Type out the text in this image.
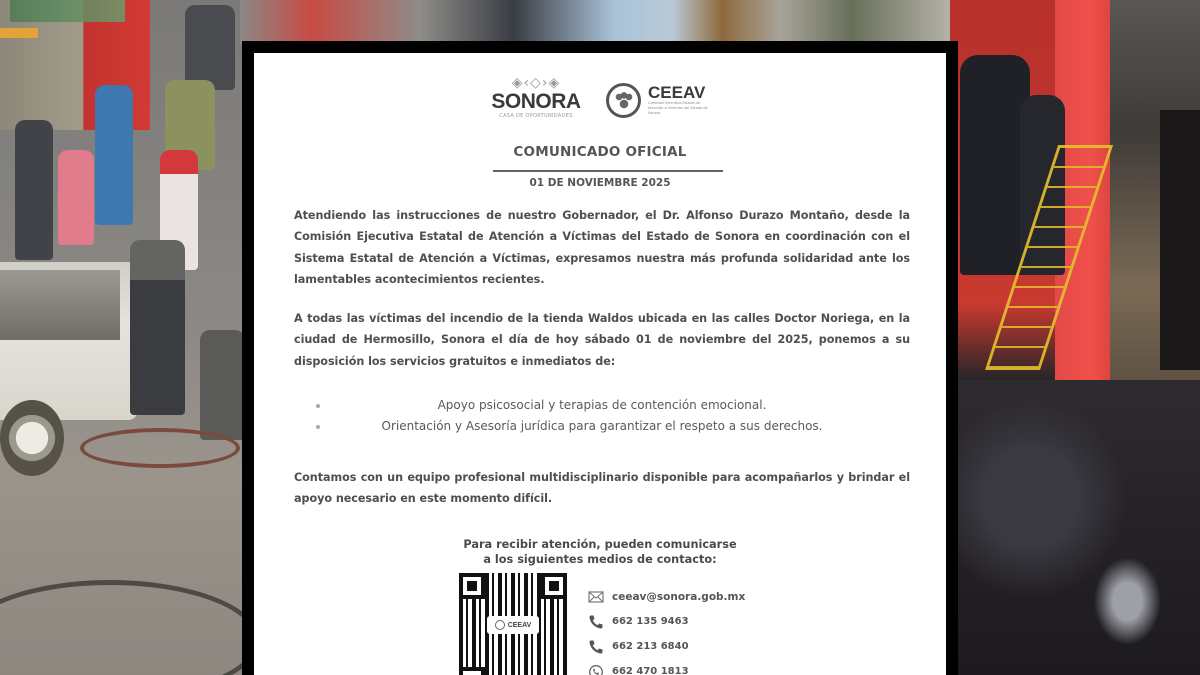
◈‹◇›◈
SONORA
CASA DE OPORTUNIDADES
CEEAV
Comisión Ejecutiva Estatal de Atención a Víctimas del Estado de Sonora
COMUNICADO OFICIAL
01 DE NOVIEMBRE 2025

Atendiendo las instrucciones de nuestro Gobernador, el Dr. Alfonso Durazo Montaño, desde la Comisión Ejecutiva Estatal de Atención a Víctimas del Estado de Sonora en coordinación con el Sistema Estatal de Atención a Víctimas, expresamos nuestra más profunda solidaridad ante los lamentables acontecimientos recientes.

A todas las víctimas del incendio de la tienda Waldos ubicada en las calles Doctor Noriega, en la ciudad de Hermosillo, Sonora el día de hoy sábado 01 de noviembre del 2025, ponemos a su disposición los servicios gratuitos e inmediatos de:

Apoyo psicosocial y terapias de contención emocional.
Orientación y Asesoría jurídica para garantizar el respeto a sus derechos.

Contamos con un equipo profesional multidisciplinario disponible para acompañarlos y brindar el apoyo necesario en este momento difícil.

Para recibir atención, pueden comunicarse
a los siguientes medios de contacto:
CEEAV
ceeav@sonora.gob.mx
662 135 9463
662 213 6840
662 470 1813
